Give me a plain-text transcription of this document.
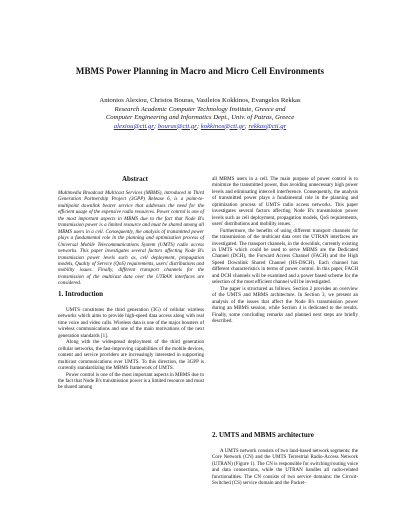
MBMS Power Planning in Macro and Micro Cell Environments
Antonios Alexiou, Christos Bouras, Vasileios Kokkinos, Evangelos Rekkas
Research Academic Computer Technology Institute, Greece and
Computer Engineering and Informatics Dept., Univ. of Patras, Greece
alexiou@cti.gr; bouras@cti.gr; kokkinos@cti.gr; rekkas@cti.gr
Abstract

Multimedia Broadcast Multicast Services (MBMS), introduced in Third Generation Partnership Project (3GPP) Release 6, is a point-to-multipoint downlink bearer service that addresses the need for the efficient usage of the expensive radio resources. Power control is one of the most important aspects in MBMS due to the fact that Node B's transmission power is a limited resource and must be shared among all MBMS users in a cell. Consequently, the analysis of transmitted power plays a fundamental role in the planning and optimization process of Universal Mobile Telecommunications System (UMTS) radio access networks. This paper investigates several factors affecting Node B's transmission power levels such as, cell deployment, propagation models, Quality of Service (QoS) requirements, users' distributions and mobility issues. Finally, different transport channels for the transmission of the multicast data over the UTRAN interfaces are considered.

1. Introduction

UMTS constitutes the third generation (3G) of cellular wireless networks which aims to provide high-speed data access along with real time voice and video calls. Wireless data is one of the major boosters of wireless communications and one of the main motivations of the next generation standards [1].

Along with the widespread deployment of the third generation cellular networks, the fast-improving capabilities of the mobile devices, content and service providers are increasingly interested in supporting multicast communications over UMTS. To this direction, the 3GPP is currently standardizing the MBMS framework of UMTS.

Power control is one of the most important aspects in MBMS due to the fact that Node B's transmission power is a limited resource and must be shared among

all MBMS users in a cell. The main purpose of power control is to minimize the transmitted power, thus avoiding unnecessary high power levels and eliminating intercell interference. Consequently, the analysis of transmitted power plays a fundamental role in the planning and optimization process of UMTS radio access networks. This paper investigates several factors affecting Node B's transmission power levels such as cell deployment, propagation models, QoS requirements, users' distributions and mobility issues.

Furthermore, the benefits of using different transport channels for the transmission of the multicast data over the UTRAN interfaces are investigated. The transport channels, in the downlink, currently existing in UMTS which could be used to serve MBMS are the Dedicated Channel (DCH), the Forward Access Channel (FACH) and the High Speed Downlink Shared Channel (HS-DSCH). Each channel has different characteristics in terms of power control. In this paper, FACH and DCH channels will be examined and a power based scheme for the selection of the most efficient channel will be investigated.

The paper is structured as follows. Section 2 provides an overview of the UMTS and MBMS architecture. In Section 3, we present an analysis of the issues that affect the Node B's transmission power during an MBMS session, while Section 4 is dedicated to the results. Finally, some concluding remarks and planned next steps are briefly described.

2. UMTS and MBMS architecture

A UMTS network consists of two land-based network segments: the Core Network (CN) and the UMTS Terrestrial Radio-Access Network (UTRAN) (Figure 1). The CN is responsible for switching/routing voice and data connections, while the UTRAN handles all radio-related functionalities. The CN consists of two service domains: the Circuit-Switched (CS) service domain and the Packet-
